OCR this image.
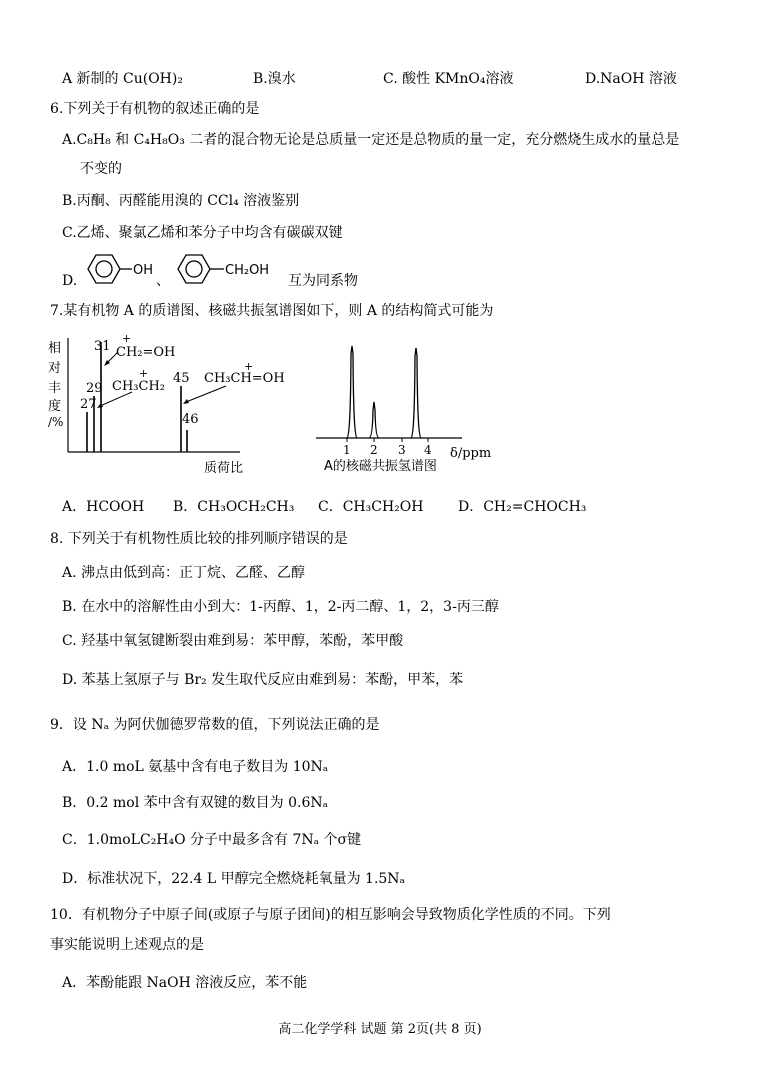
A 新制的 Cu(OH)₂	B.溴水	C. 酸性 KMnO₄溶液	D.NaOH 溶液
6.下列关于有机物的叙述正确的是
A.C₈H₈ 和 C₄H₈O₃ 二者的混合物无论是总质量一定还是总物质的量一定，充分燃烧生成水的量总是
不变的
B.丙酮、丙醛能用溴的 CCl₄ 溶液鉴别
C.乙烯、聚氯乙烯和苯分子中均含有碳碳双键
D.
OH	CH₂OH
、	互为同系物
7.某有机物 A 的质谱图、核磁共振氢谱图如下，则 A 的结构简式可能为
相
对
丰
度
/%
31
29
27
45
46
+
CH₂=OH
+
CH₃CH₂
+
CH₃CH=OH
质荷比
1 2 3 4 δ/ppm
A的核磁共振氢谱图
A．HCOOH B．CH₃OCH₂CH₃ C．CH₃CH₂OH D．CH₂=CHOCH₃
8. 下列关于有机物性质比较的排列顺序错误的是
A. 沸点由低到高：正丁烷、乙醛、乙醇
B. 在水中的溶解性由小到大：1-丙醇、1，2-丙二醇、1，2，3-丙三醇
C. 羟基中氧氢键断裂由难到易：苯甲醇，苯酚，苯甲酸
D. 苯基上氢原子与 Br₂ 发生取代反应由难到易：苯酚，甲苯，苯
9．设 Nₐ 为阿伏伽德罗常数的值，下列说法正确的是
A．1.0 moL 氨基中含有电子数目为 10Nₐ
B．0.2 mol 苯中含有双键的数目为 0.6Nₐ
C．1.0moLC₂H₄O 分子中最多含有 7Nₐ 个σ键
D．标准状况下，22.4 L 甲醇完全燃烧耗氧量为 1.5Nₐ
10．有机物分子中原子间(或原子与原子团间)的相互影响会导致物质化学性质的不同。下列
事实能说明上述观点的是
A．苯酚能跟 NaOH 溶液反应，苯不能
高二化学学科 试题 第 2页(共 8 页)
